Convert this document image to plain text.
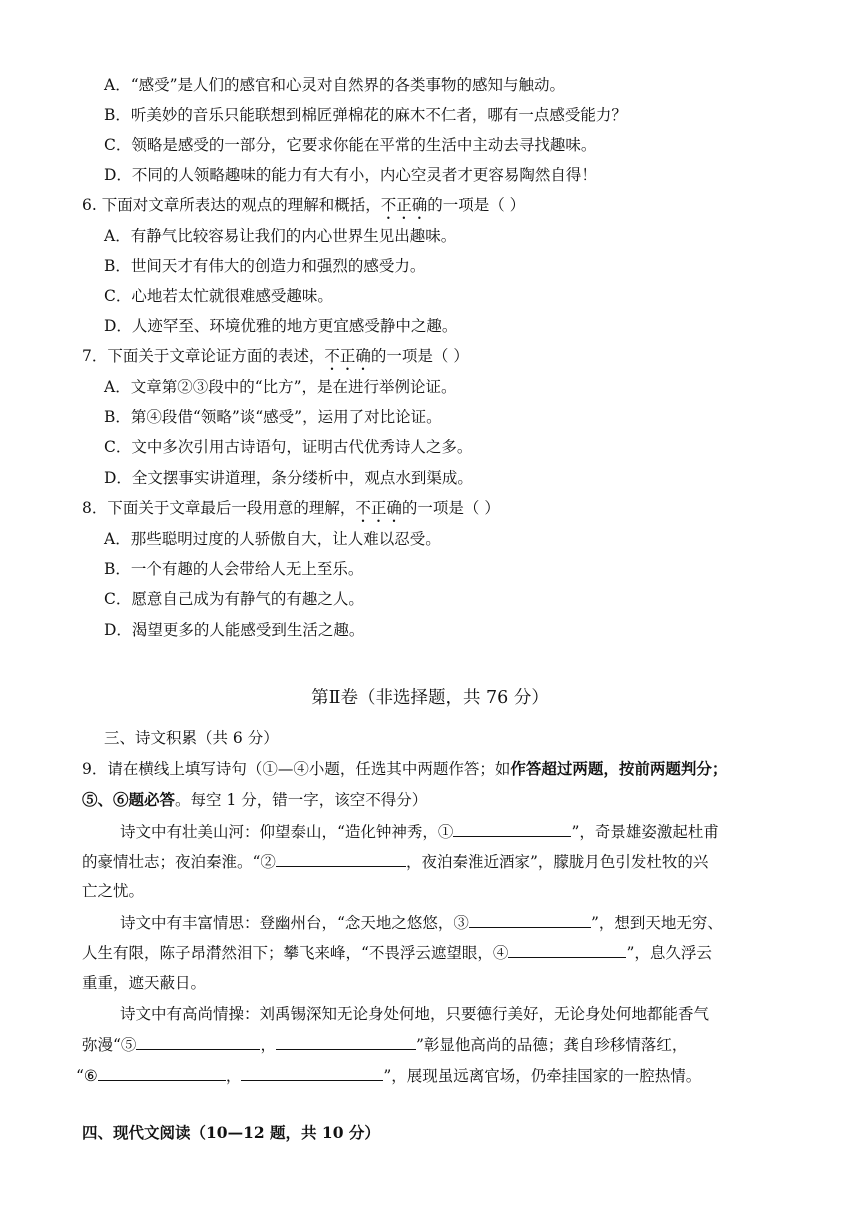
A．“感受”是人们的感官和心灵对自然界的各类事物的感知与触动。
B．听美妙的音乐只能联想到棉匠弹棉花的麻木不仁者，哪有一点感受能力？
C．领略是感受的一部分，它要求你能在平常的生活中主动去寻找趣味。
D．不同的人领略趣味的能力有大有小，内心空灵者才更容易陶然自得！
6. 下面对文章所表达的观点的理解和概括，不正确的一项是（ ）
A．有静气比较容易让我们的内心世界生见出趣味。
B．世间天才有伟大的创造力和强烈的感受力。
C．心地若太忙就很难感受趣味。
D．人迹罕至、环境优雅的地方更宜感受静中之趣。
7．下面关于文章论证方面的表述，不正确的一项是（ ）
A．文章第②③段中的“比方”，是在进行举例论证。
B．第④段借“领略”谈“感受”，运用了对比论证。
C．文中多次引用古诗语句，证明古代优秀诗人之多。
D．全文摆事实讲道理，条分缕析中，观点水到渠成。
8．下面关于文章最后一段用意的理解，不正确的一项是（ ）
A．那些聪明过度的人骄傲自大，让人难以忍受。
B．一个有趣的人会带给人无上至乐。
C．愿意自己成为有静气的有趣之人。
D．渴望更多的人能感受到生活之趣。
第Ⅱ卷（非选择题，共 76 分）
三、诗文积累（共 6 分）
9．请在横线上填写诗句（①—④小题，任选其中两题作答；如作答超过两题，按前两题判分；
⑤、⑥题必答。每空 1 分，错一字，该空不得分）
诗文中有壮美山河：仰望泰山，“造化钟神秀，①	”，奇景雄姿激起杜甫
的豪情壮志；夜泊秦淮。“②	，夜泊秦淮近酒家”，朦胧月色引发杜牧的兴
亡之忧。
诗文中有丰富情思：登幽州台，“念天地之悠悠，③	”，想到天地无穷、
人生有限，陈子昂潸然泪下；攀飞来峰，“不畏浮云遮望眼，④	”，息久浮云
重重，遮天蔽日。
诗文中有高尚情操：刘禹锡深知无论身处何地，只要德行美好，无论身处何地都能香气
弥漫“⑤	，	”彰显他高尚的品德；龚自珍移情落红，
“⑥	，	”，展现虽远离官场，仍牵挂国家的一腔热情。
四、现代文阅读（10—12 题，共 10 分）
